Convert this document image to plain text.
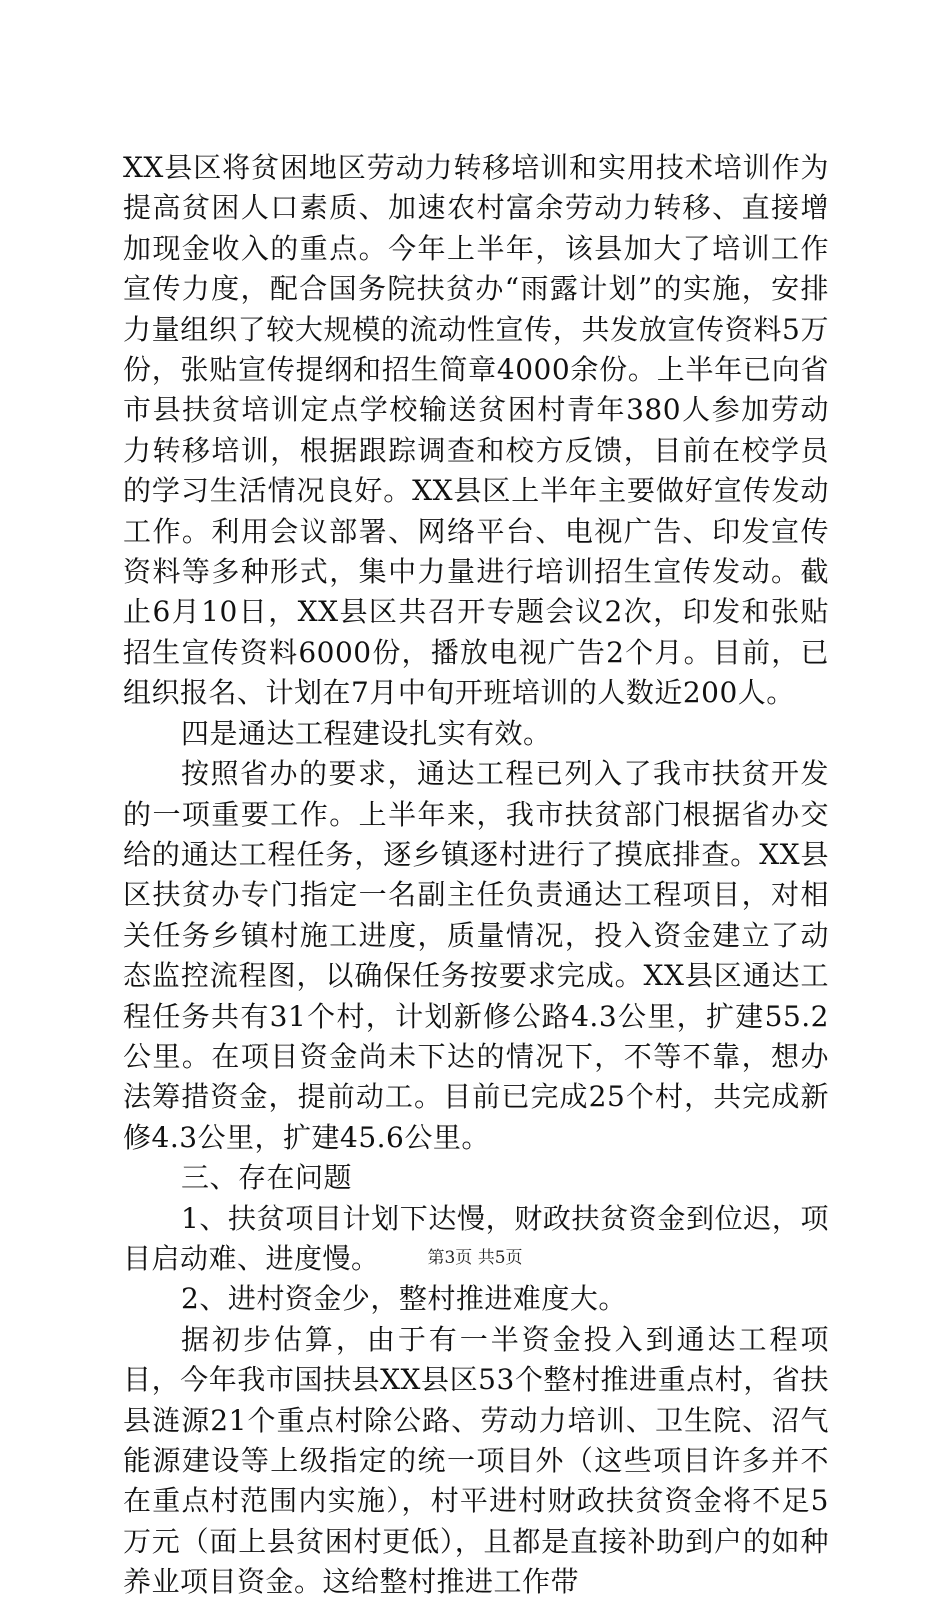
XX县区将贫困地区劳动力转移培训和实用技术培训作为提高贫困人口素质、加速农村富余劳动力转移、直接增加现金收入的重点。今年上半年，该县加大了培训工作宣传力度，配合国务院扶贫办“雨露计划”的实施，安排力量组织了较大规模的流动性宣传，共发放宣传资料5万份，张贴宣传提纲和招生简章4000余份。上半年已向省市县扶贫培训定点学校输送贫困村青年380人参加劳动力转移培训，根据跟踪调查和校方反馈，目前在校学员的学习生活情况良好。XX县区上半年主要做好宣传发动工作。利用会议部署、网络平台、电视广告、印发宣传资料等多种形式，集中力量进行培训招生宣传发动。截止6月10日，XX县区共召开专题会议2次，印发和张贴招生宣传资料6000份，播放电视广告2个月。目前，已组织报名、计划在7月中旬开班培训的人数近200人。

四是通达工程建设扎实有效。

按照省办的要求，通达工程已列入了我市扶贫开发的一项重要工作。上半年来，我市扶贫部门根据省办交给的通达工程任务，逐乡镇逐村进行了摸底排查。XX县区扶贫办专门指定一名副主任负责通达工程项目，对相关任务乡镇村施工进度，质量情况，投入资金建立了动态监控流程图，以确保任务按要求完成。XX县区通达工程任务共有31个村，计划新修公路4.3公里，扩建55.2公里。在项目资金尚未下达的情况下，不等不靠，想办法筹措资金，提前动工。目前已完成25个村，共完成新修4.3公里，扩建45.6公里。

三、存在问题

1、扶贫项目计划下达慢，财政扶贫资金到位迟，项目启动难、进度慢。

2、进村资金少，整村推进难度大。

据初步估算，由于有一半资金投入到通达工程项目，今年我市国扶县XX县区53个整村推进重点村，省扶县涟源21个重点村除公路、劳动力培训、卫生院、沼气能源建设等上级指定的统一项目外（这些项目许多并不在重点村范围内实施），村平进村财政扶贫资金将不足5万元（面上县贫困村更低），且都是直接补助到户的如种养业项目资金。这给整村推进工作带

第3页 共5页
